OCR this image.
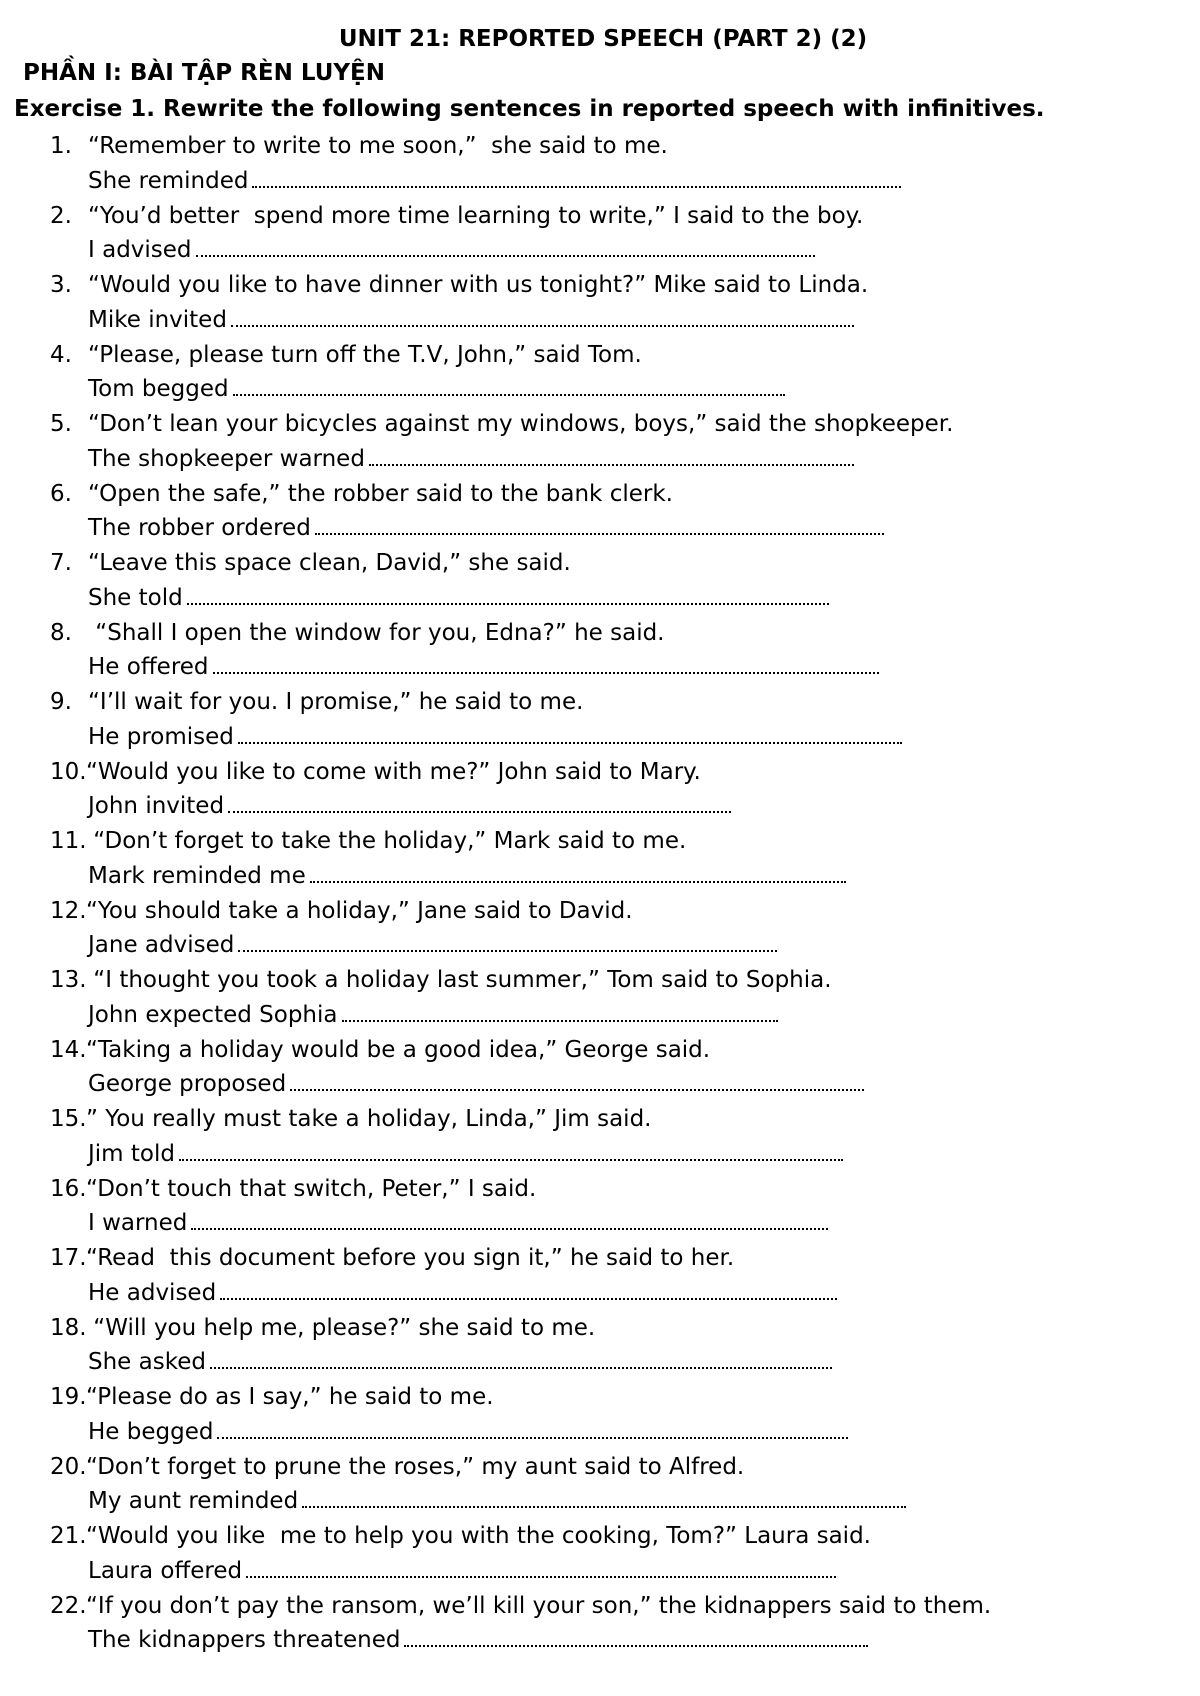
UNIT 21: REPORTED SPEECH (PART 2) (2)
PHẦN I: BÀI TẬP RÈN LUYỆN
Exercise 1. Rewrite the following sentences in reported speech with infinitives.
1. “Remember to write to me soon,”  she said to me.
She reminded
2. “You’d better  spend more time learning to write,” I said to the boy.
I advised
3. “Would you like to have dinner with us tonight?” Mike said to Linda.
Mike invited
4. “Please, please turn off the T.V, John,” said Tom.
Tom begged
5. “Don’t lean your bicycles against my windows, boys,” said the shopkeeper.
The shopkeeper warned
6. “Open the safe,” the robber said to the bank clerk.
The robber ordered
7. “Leave this space clean, David,” she said.
She told
8. “Shall I open the window for you, Edna?” he said.
He offered
9. “I’ll wait for you. I promise,” he said to me.
He promised
10. “Would you like to come with me?” John said to Mary.
John invited
11. “Don’t forget to take the holiday,” Mark said to me.
Mark reminded me
12. “You should take a holiday,” Jane said to David.
Jane advised
13. “I thought you took a holiday last summer,” Tom said to Sophia.
John expected Sophia
14. “Taking a holiday would be a good idea,” George said.
George proposed
15. ” You really must take a holiday, Linda,” Jim said.
Jim told
16. “Don’t touch that switch, Peter,” I said.
I warned
17. “Read  this document before you sign it,” he said to her.
He advised
18. “Will you help me, please?” she said to me.
She asked
19. “Please do as I say,” he said to me.
He begged
20. “Don’t forget to prune the roses,” my aunt said to Alfred.
My aunt reminded
21. “Would you like  me to help you with the cooking, Tom?” Laura said.
Laura offered
22. “If you don’t pay the ransom, we’ll kill your son,” the kidnappers said to them.
The kidnappers threatened
